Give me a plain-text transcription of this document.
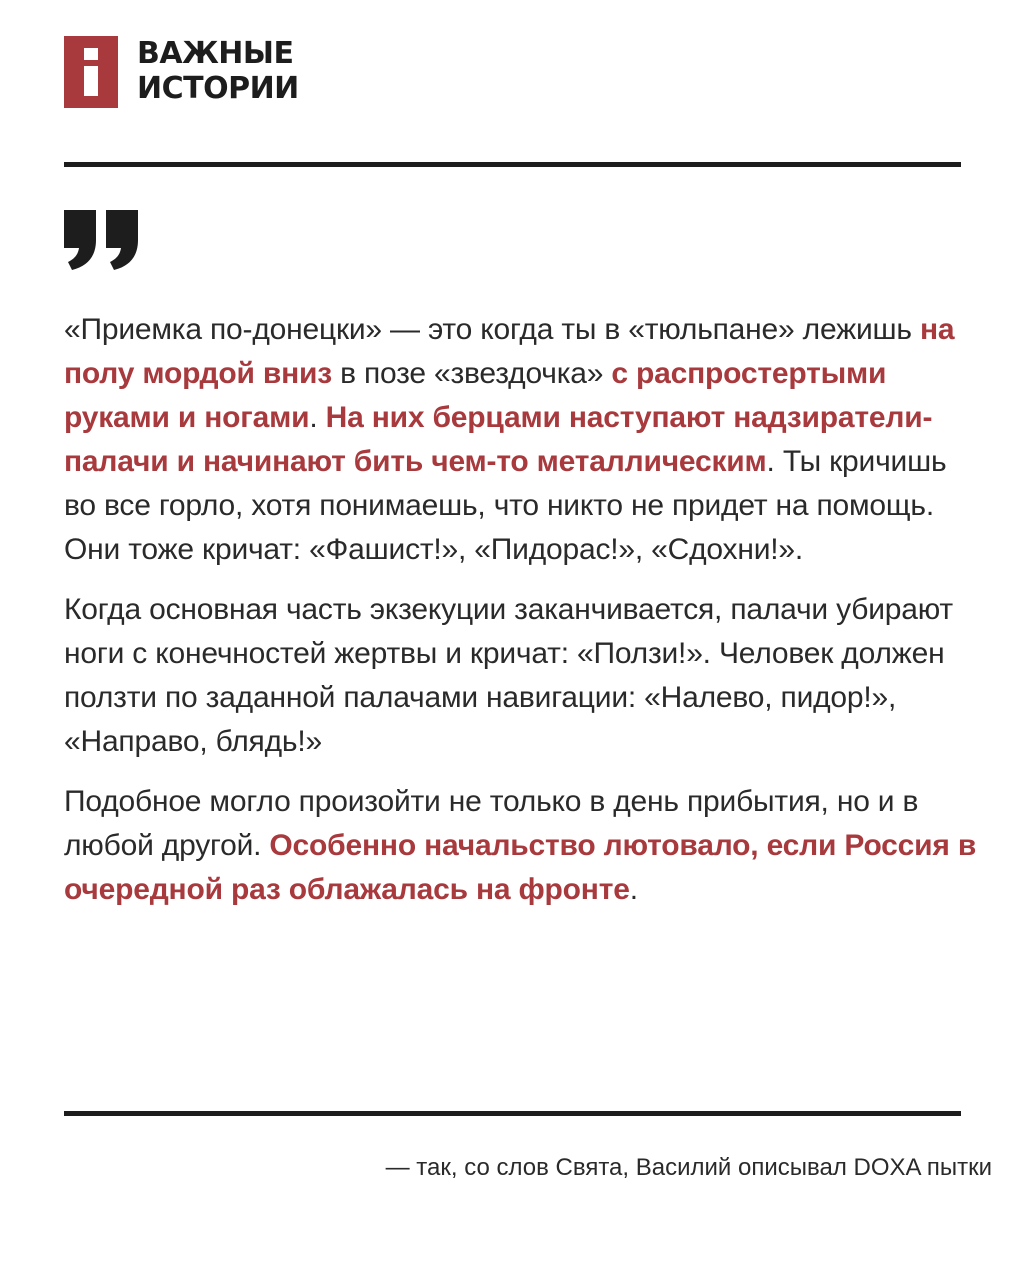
ВАЖНЫЕ
ИСТОРИИ

«Приемка по-донецки» — это когда ты в «тюльпане» лежишь на полу мордой вниз в позе «звездочка» с распростертыми руками и ногами. На них берцами наступают надзиратели-палачи и начинают бить чем-то металлическим. Ты кричишь во все горло, хотя понимаешь, что никто не придет на помощь. Они тоже кричат: «Фашист!», «Пидорас!», «Сдохни!».

Когда основная часть экзекуции заканчивается, палачи убирают ноги с конечностей жертвы и кричат: «Ползи!». Человек должен ползти по заданной палачами навигации: «Налево, пидор!», «Направо, блядь!»

Подобное могло произойти не только в день прибытия, но и в любой другой. Особенно начальство лютовало, если Россия в очередной раз облажалась на фронте.

— так, со слов Свята, Василий описывал DOXA пытки
